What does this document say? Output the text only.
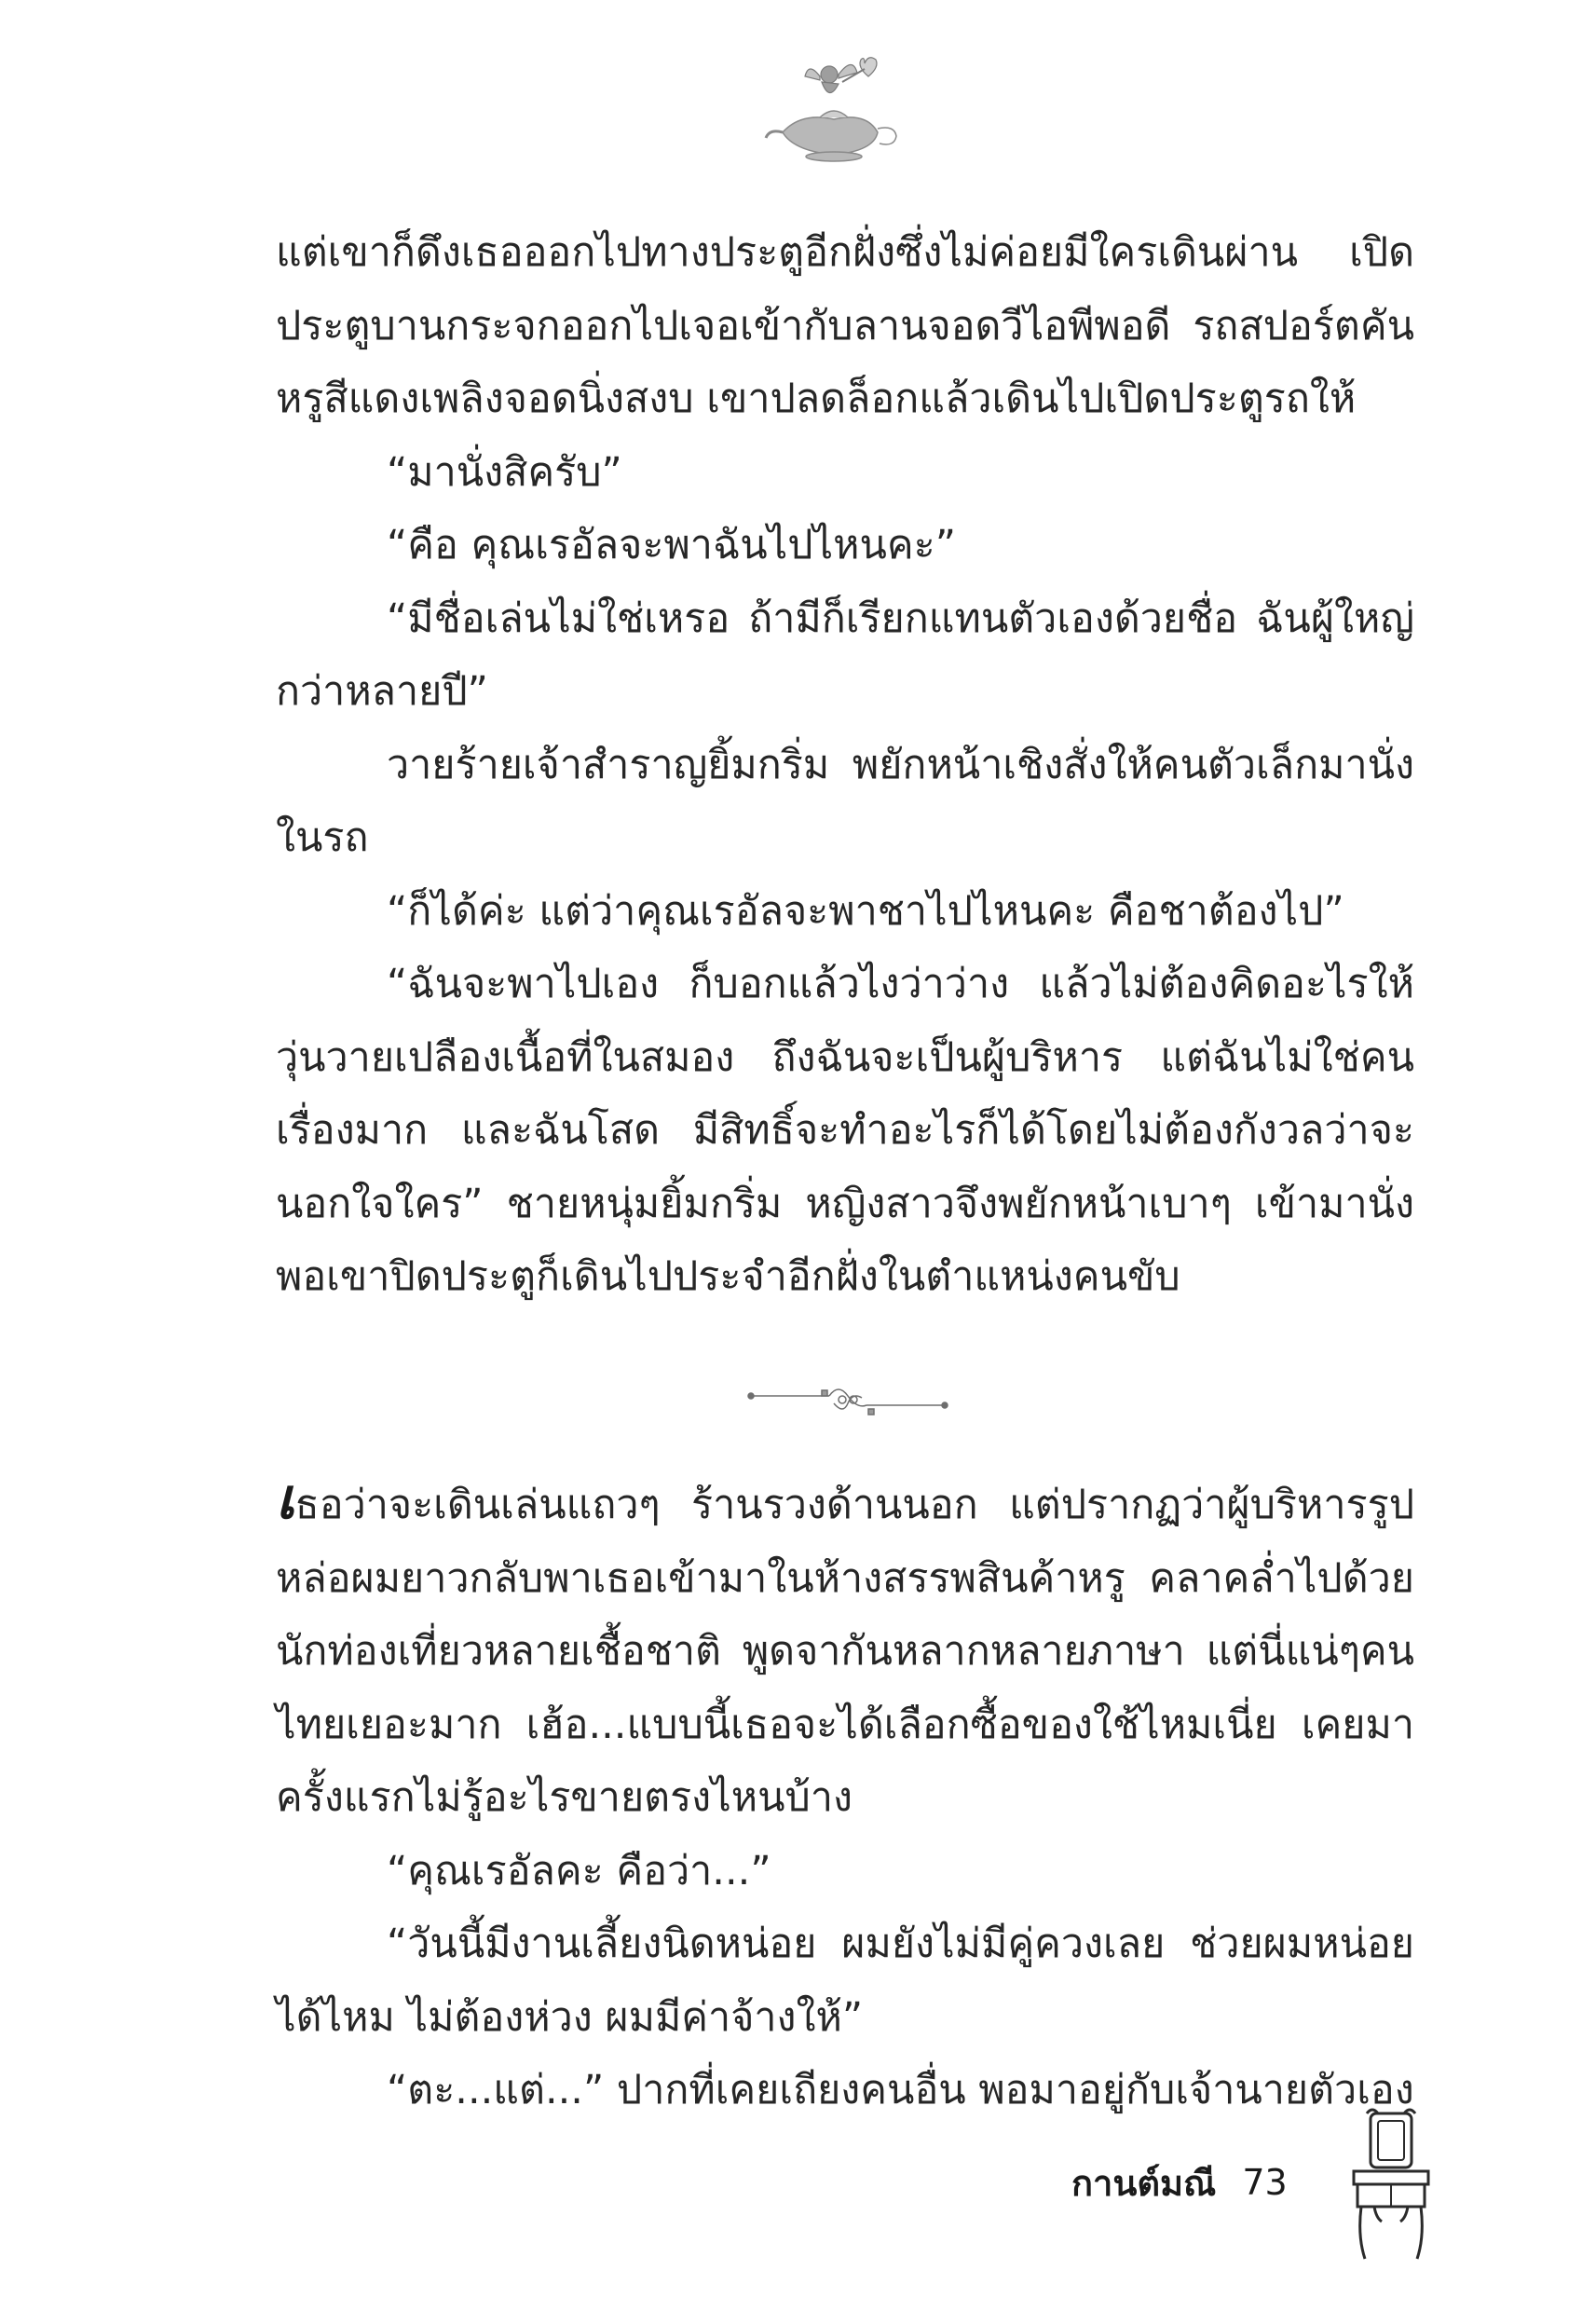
แต่เขาก็ดึงเธอออกไปทางประตูอีกฝั่งซึ่งไม่ค่อยมีใครเดินผ่าน เปิดประตูบานกระจกออกไปเจอเข้ากับลานจอดวีไอพีพอดี รถสปอร์ตคันหรูสีแดงเพลิงจอดนิ่งสงบ เขาปลดล็อกแล้วเดินไปเปิดประตูรถให้

“มานั่งสิครับ”

“คือ คุณเรอัลจะพาฉันไปไหนคะ”

“มีชื่อเล่นไม่ใช่เหรอ ถ้ามีก็เรียกแทนตัวเองด้วยชื่อ ฉันผู้ใหญ่กว่าหลายปี”

วายร้ายเจ้าสำราญยิ้มกริ่ม พยักหน้าเชิงสั่งให้คนตัวเล็กมานั่งในรถ

“ก็ได้ค่ะ แต่ว่าคุณเรอัลจะพาชาไปไหนคะ คือชาต้องไป”

“ฉันจะพาไปเอง ก็บอกแล้วไงว่าว่าง แล้วไม่ต้องคิดอะไรให้วุ่นวายเปลืองเนื้อที่ในสมอง ถึงฉันจะเป็นผู้บริหาร แต่ฉันไม่ใช่คนเรื่องมาก และฉันโสด มีสิทธิ์จะทำอะไรก็ได้โดยไม่ต้องกังวลว่าจะนอกใจใคร” ชายหนุ่มยิ้มกริ่ม หญิงสาวจึงพยักหน้าเบาๆ เข้ามานั่งพอเขาปิดประตูก็เดินไปประจำอีกฝั่งในตำแหน่งคนขับ

เธอว่าจะเดินเล่นแถวๆ ร้านรวงด้านนอก แต่ปรากฏว่าผู้บริหารรูปหล่อผมยาวกลับพาเธอเข้ามาในห้างสรรพสินค้าหรู คลาคล่ำไปด้วยนักท่องเที่ยวหลายเชื้อชาติ พูดจากันหลากหลายภาษา แต่นี่แน่ๆคนไทยเยอะมาก เฮ้อ...แบบนี้เธอจะได้เลือกซื้อของใช้ไหมเนี่ย เคยมาครั้งแรกไม่รู้อะไรขายตรงไหนบ้าง

“คุณเรอัลคะ คือว่า...”

“วันนี้มีงานเลี้ยงนิดหน่อย ผมยังไม่มีคู่ควงเลย ช่วยผมหน่อยได้ไหม ไม่ต้องห่วง ผมมีค่าจ้างให้”

“ตะ...แต่...” ปากที่เคยเถียงคนอื่น พอมาอยู่กับเจ้านายตัวเอง

กานต์มณี 73
